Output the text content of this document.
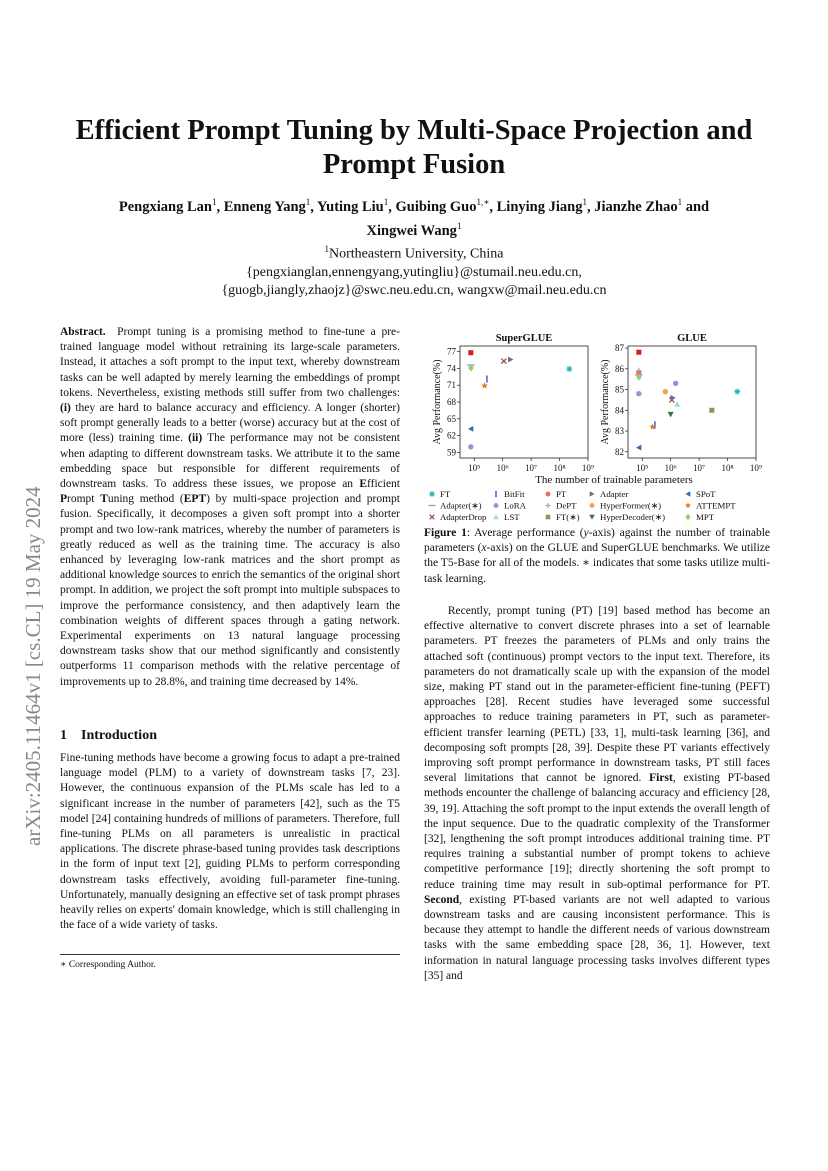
arXiv:2405.11464v1 [cs.CL] 19 May 2024
Efficient Prompt Tuning by Multi-Space Projection and Prompt Fusion
Pengxiang Lan$^1$, Enneng Yang$^1$, Yuting Liu$^1$, Guibing Guo$^{1,∗}$, Linying Jiang$^1$, Jianzhe Zhao$^1$ and
Xingwei Wang$^1$
$^1$Northeastern University, China
{pengxianglan,ennengyang,yutingliu}@stumail.neu.edu.cn,
{guogb,jiangly,zhaojz}@swc.neu.edu.cn, wangxw@mail.neu.edu.cn

Abstract. Prompt tuning is a promising method to fine-tune a pre-trained language model without retraining its large-scale parameters. Instead, it attaches a soft prompt to the input text, whereby downstream tasks can be well adapted by merely learning the embeddings of prompt tokens. Nevertheless, existing methods still suffer from two challenges: (i) they are hard to balance accuracy and efficiency. A longer (shorter) soft prompt generally leads to a better (worse) accuracy but at the cost of more (less) training time. (ii) The performance may not be consistent when adapting to different downstream tasks. We attribute it to the same embedding space but responsible for different requirements of downstream tasks. To address these issues, we propose an Efficient Prompt Tuning method (EPT) by multi-space projection and prompt fusion. Specifically, it decomposes a given soft prompt into a shorter prompt and two low-rank matrices, whereby the number of parameters is greatly reduced as well as the training time. The accuracy is also enhanced by leveraging low-rank matrices and the short prompt as additional knowledge sources to enrich the semantics of the original short prompt. In addition, we project the soft prompt into multiple subspaces to improve the performance consistency, and then adaptively learn the combination weights of different spaces through a gating network. Experimental experiments on 13 natural language processing downstream tasks show that our method significantly and consistently outperforms 11 comparison methods with the relative percentage of improvements up to 28.8%, and training time decreased by 14%.

1 Introduction

Fine-tuning methods have become a growing focus to adapt a pre-trained language model (PLM) to a variety of downstream tasks [7, 23]. However, the continuous expansion of the PLMs scale has led to a significant increase in the number of parameters [42], such as the T5 model [24] containing hundreds of millions of parameters. Therefore, full fine-tuning PLMs on all parameters is unrealistic in practical applications. The discrete phrase-based tuning provides task descriptions in the form of input text [2], guiding PLMs to perform corresponding downstream tasks effectively, avoiding full-parameter fine-tuning. Unfortunately, manually designing an effective set of task prompt phrases heavily relies on experts' domain knowledge, which is still challenging in the face of a wide variety of tasks.

∗ Corresponding Author.
SuperGLUE
Avg Performance(%)
10⁵ 10⁶ 10⁷ 10⁸ 10⁹
59
62
65
68
71
74
77
GLUE
Avg Performance(%)
10⁵ 10⁶ 10⁷ 10⁸ 10⁹
82
83
84
85
86
87
The number of trainable parameters
FT	BitFit	PT	Adapter	SPoT
Adapter(∗)	LoRA	DePT	HyperFormer(∗)	ATTEMPT
AdapterDrop LST	FT(∗) HyperDecoder(∗)	MPT

Figure 1: Average performance (y-axis) against the number of trainable parameters (x-axis) on the GLUE and SuperGLUE benchmarks. We utilize the T5-Base for all of the models. ∗ indicates that some tasks utilize multi-task learning.

Recently, prompt tuning (PT) [19] based method has become an effective alternative to convert discrete phrases into a set of learnable parameters. PT freezes the parameters of PLMs and only trains the attached soft (continuous) prompt vectors to the input text. Therefore, its parameters do not dramatically scale up with the expansion of the model size, making PT stand out in the parameter-efficient fine-tuning (PEFT) approaches [28]. Recent studies have leveraged some successful approaches to reduce training parameters in PT, such as parameter-efficient transfer learning (PETL) [33, 1], multi-task learning [36], and decomposing soft prompts [28, 39]. Despite these PT variants effectively improving soft prompt performance in downstream tasks, PT still faces several limitations that cannot be ignored. First, existing PT-based methods encounter the challenge of balancing accuracy and efficiency [28, 39, 19]. Attaching the soft prompt to the input extends the overall length of the input sequence. Due to the quadratic complexity of the Transformer [32], lengthening the soft prompt introduces additional training time. PT requires training a substantial number of prompt tokens to achieve competitive performance [19]; directly shortening the soft prompt to reduce training time may result in sub-optimal performance for PT. Second, existing PT-based variants are not well adapted to various downstream tasks and are causing inconsistent performance. This is because they attempt to handle the different needs of various downstream tasks with the same embedding space [28, 36, 1]. However, text information in natural language processing tasks involves different types [35] and
